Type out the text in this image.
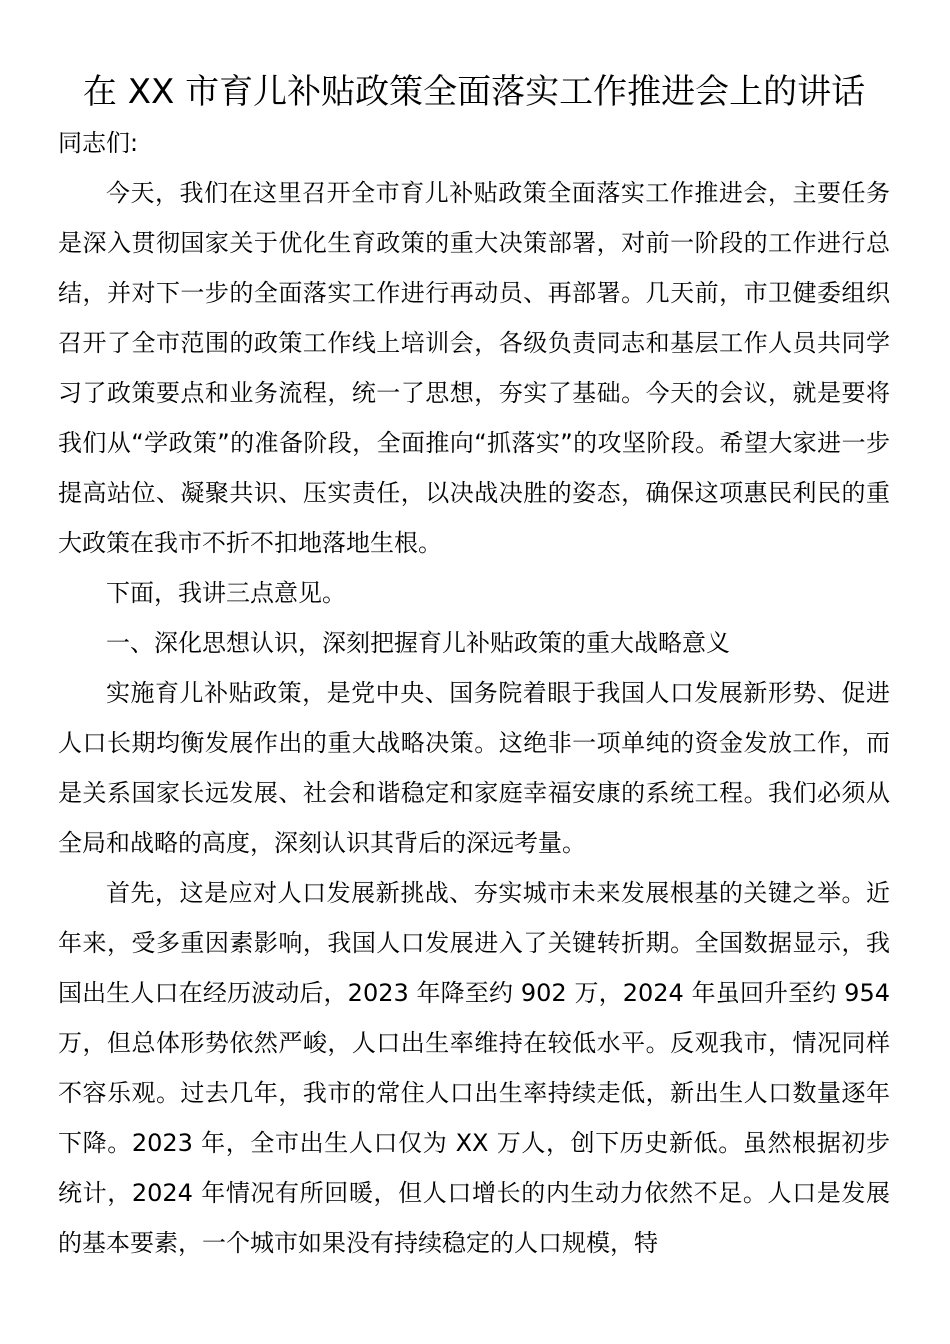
在 XX 市育儿补贴政策全面落实工作推进会上的讲话

同志们:

今天，我们在这里召开全市育儿补贴政策全面落实工作推进会，主要任务是深入贯彻国家关于优化生育政策的重大决策部署，对前一阶段的工作进行总结，并对下一步的全面落实工作进行再动员、再部署。几天前，市卫健委组织召开了全市范围的政策工作线上培训会，各级负责同志和基层工作人员共同学习了政策要点和业务流程，统一了思想，夯实了基础。今天的会议，就是要将我们从“学政策”的准备阶段，全面推向“抓落实”的攻坚阶段。希望大家进一步提高站位、凝聚共识、压实责任，以决战决胜的姿态，确保这项惠民利民的重大政策在我市不折不扣地落地生根。

下面，我讲三点意见。

一、深化思想认识，深刻把握育儿补贴政策的重大战略意义

实施育儿补贴政策，是党中央、国务院着眼于我国人口发展新形势、促进人口长期均衡发展作出的重大战略决策。这绝非一项单纯的资金发放工作，而是关系国家长远发展、社会和谐稳定和家庭幸福安康的系统工程。我们必须从全局和战略的高度，深刻认识其背后的深远考量。

首先，这是应对人口发展新挑战、夯实城市未来发展根基的关键之举。近年来，受多重因素影响，我国人口发展进入了关键转折期。全国数据显示，我国出生人口在经历波动后，2023 年降至约 902 万，2024 年虽回升至约 954 万，但总体形势依然严峻，人口出生率维持在较低水平。反观我市，情况同样不容乐观。过去几年，我市的常住人口出生率持续走低，新出生人口数量逐年下降。2023 年，全市出生人口仅为 XX 万人，创下历史新低。虽然根据初步统计，2024 年情况有所回暖，但人口增长的内生动力依然不足。人口是发展的基本要素，一个城市如果没有持续稳定的人口规模，特
